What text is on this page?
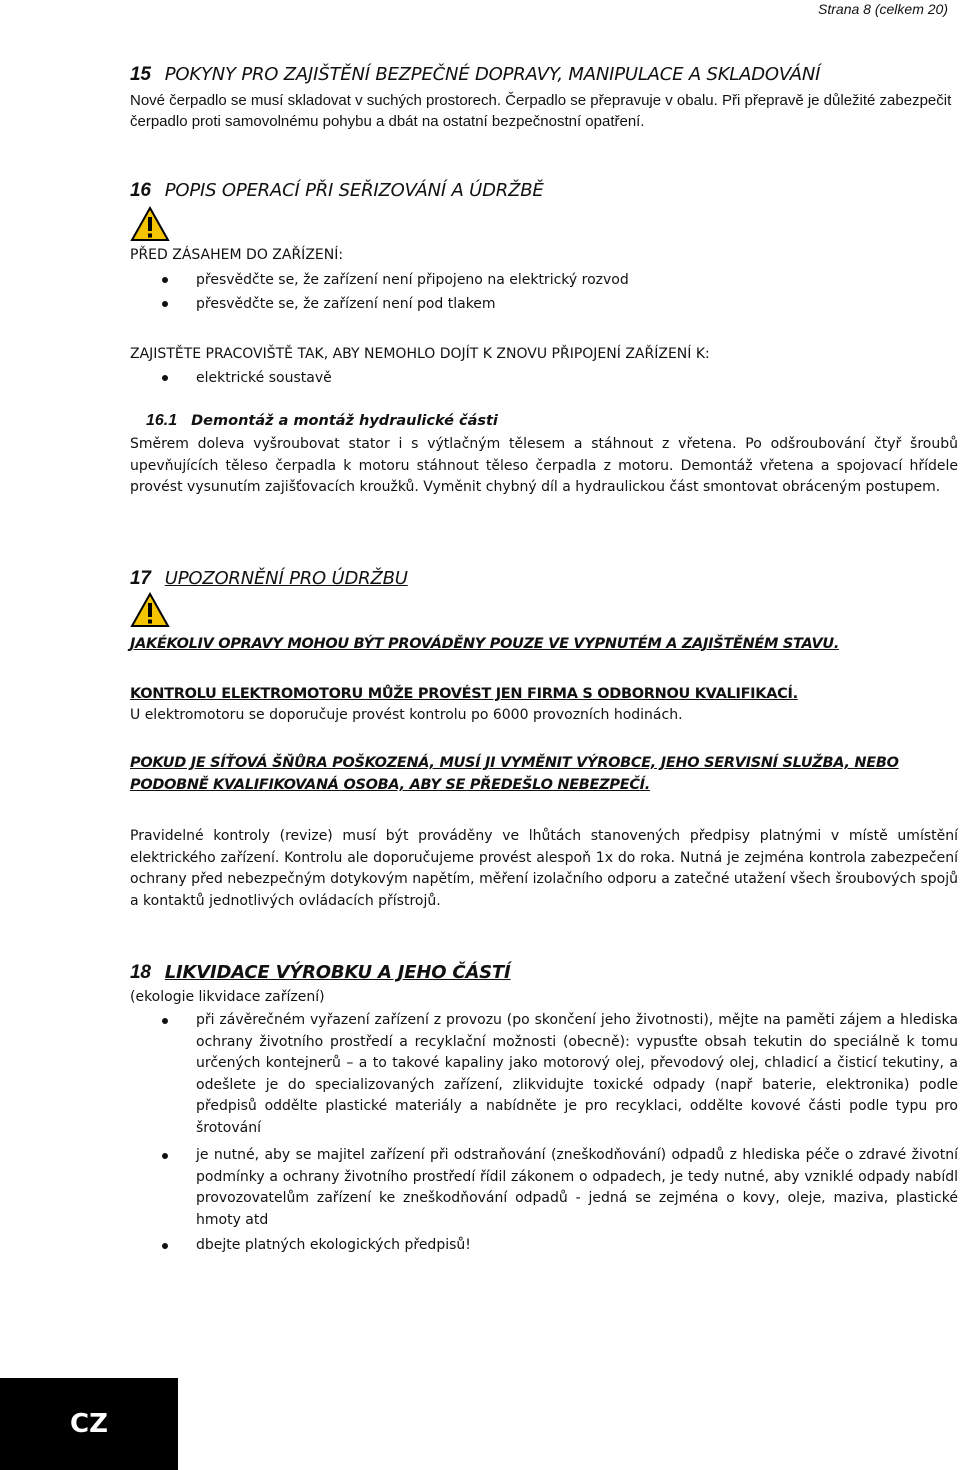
Strana 8 (celkem 20)
15 POKYNY PRO ZAJIŠTĚNÍ BEZPEČNÉ DOPRAVY, MANIPULACE A SKLADOVÁNÍ

Nové čerpadlo se musí skladovat v suchých prostorech. Čerpadlo se přepravuje v obalu. Při přepravě je důležité zabezpečit čerpadlo proti samovolnému pohybu a dbát na ostatní bezpečnostní opatření.

16 POPIS OPERACÍ PŘI SEŘIZOVÁNÍ A ÚDRŽBĚ

PŘED ZÁSAHEM DO ZAŘÍZENÍ:

přesvědčte se, že zařízení není připojeno na elektrický rozvod
přesvědčte se, že zařízení není pod tlakem

ZAJISTĚTE PRACOVIŠTĚ TAK, ABY NEMOHLO DOJÍT K ZNOVU PŘIPOJENÍ ZAŘÍZENÍ K:

elektrické soustavě
16.1 Demontáž a montáž hydraulické části

Směrem doleva vyšroubovat stator i s výtlačným tělesem a stáhnout z vřetena. Po odšroubování čtyř šroubů upevňujících těleso čerpadla k motoru stáhnout těleso čerpadla z motoru. Demontáž vřetena a spojovací hřídele provést vysunutím zajišťovacích kroužků. Vyměnit chybný díl a hydraulickou část smontovat obráceným postupem.

17 UPOZORNĚNÍ PRO ÚDRŽBU

JAKÉKOLIV OPRAVY MOHOU BÝT PROVÁDĚNY POUZE VE VYPNUTÉM A ZAJIŠTĚNÉM STAVU.

KONTROLU ELEKTROMOTORU MŮŽE PROVÉST JEN FIRMA S ODBORNOU KVALIFIKACÍ.

U elektromotoru se doporučuje provést kontrolu po 6000 provozních hodinách.

POKUD JE SÍŤOVÁ ŠŇŮRA POŠKOZENÁ, MUSÍ JI VYMĚNIT VÝROBCE, JEHO SERVISNÍ SLUŽBA, NEBO PODOBNĚ KVALIFIKOVANÁ OSOBA, ABY SE PŘEDEŠLO NEBEZPEČÍ.

Pravidelné kontroly (revize) musí být prováděny ve lhůtách stanovených předpisy platnými v místě umístění elektrického zařízení. Kontrolu ale doporučujeme provést alespoň 1x do roka. Nutná je zejména kontrola zabezpečení ochrany před nebezpečným dotykovým napětím, měření izolačního odporu a zatečné utažení všech šroubových spojů a kontaktů jednotlivých ovládacích přístrojů.

18 LIKVIDACE VÝROBKU A JEHO ČÁSTÍ

(ekologie likvidace zařízení)

při závěrečném vyřazení zařízení z provozu (po skončení jeho životnosti), mějte na paměti zájem a hlediska ochrany životního prostředí a recyklační možnosti (obecně): vypusťte obsah tekutin do speciálně k tomu určených kontejnerů – a to takové kapaliny jako motorový olej, převodový olej, chladicí a čisticí tekutiny, a odešlete je do specializovaných zařízení, zlikvidujte toxické odpady (např baterie, elektronika) podle předpisů oddělte plastické materiály a nabídněte je pro recyklaci, oddělte kovové části podle typu pro šrotování
je nutné, aby se majitel zařízení při odstraňování (zneškodňování) odpadů z hlediska péče o zdravé životní podmínky a ochrany životního prostředí řídil zákonem o odpadech, je tedy nutné, aby vzniklé odpady nabídl provozovatelům zařízení ke zneškodňování odpadů - jedná se zejména o kovy, oleje, maziva, plastické hmoty atd
dbejte platných ekologických předpisů!
CZ
